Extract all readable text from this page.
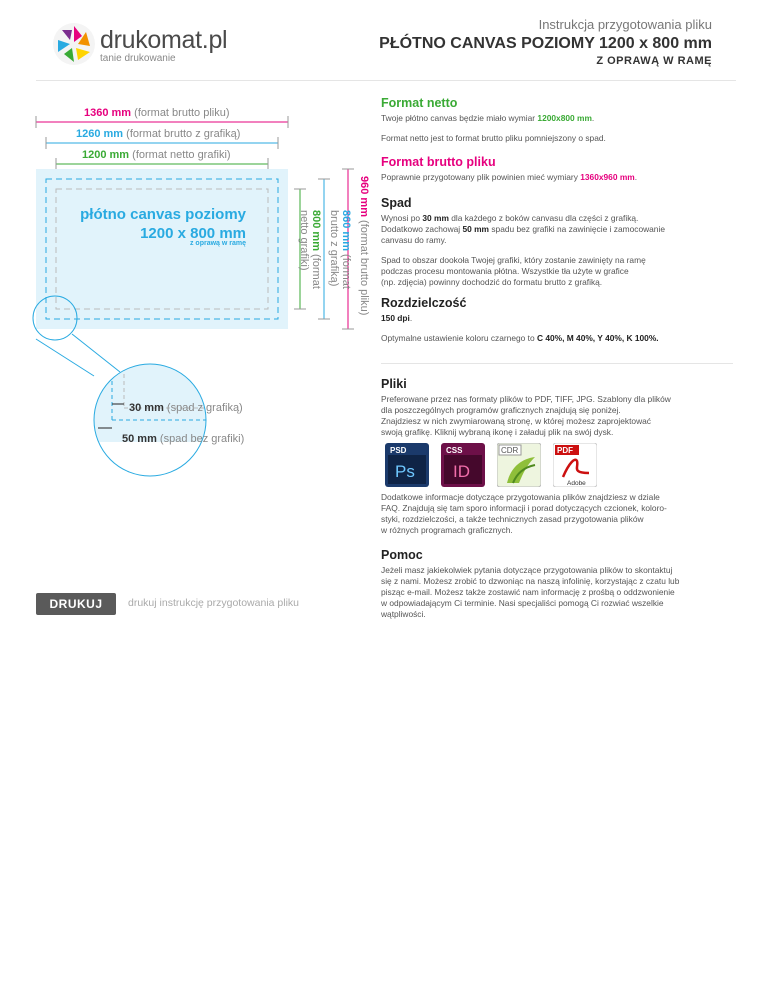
drukomat.pl
tanie drukowanie
Instrukcja przygotowania pliku
PŁÓTNO CANVAS POZIOMY 1200 x 800 mm
Z OPRAWĄ W RAMĘ
1360 mm (format brutto pliku)
1260 mm (format brutto z grafiką)
1200 mm (format netto grafiki)
płótno canvas poziomy
1200 x 800 mm
z oprawą w ramę
960 mm (format brutto pliku)
860 mm (format
brutto z grafiką)
800 mm (format
netto grafiki)
30 mm (spad z grafiką)
50 mm (spad bez grafiki)
Format netto
Twoje płótno canvas będzie miało wymiar 1200x800 mm.
Format netto jest to format brutto pliku pomniejszony o spad.
Format brutto pliku
Poprawnie przygotowany plik powinien mieć wymiary 1360x960 mm.
Spad
Wynosi po 30 mm dla każdego z boków canvasu dla części z grafiką.
Dodatkowo zachowaj 50 mm spadu bez grafiki na zawinięcie i zamocowanie
canvasu do ramy.
Spad to obszar dookoła Twojej grafiki, który zostanie zawinięty na ramę
podczas procesu montowania płótna. Wszystkie tła użyte w grafice
(np. zdjęcia) powinny dochodzić do formatu brutto z grafiką.
Rozdzielczość
150 dpi.
Optymalne ustawienie koloru czarnego to C 40%, M 40%, Y 40%, K 100%.
Pliki
Preferowane przez nas formaty plików to PDF, TIFF, JPG. Szablony dla plików
dla poszczególnych programów graficznych znajdują się poniżej.
Znajdziesz w nich zwymiarowaną stronę, w której możesz zaprojektować
swoją grafikę. Kliknij wybraną ikonę i załaduj plik na swój dysk.
PSD
Ps
CSS
ID
CDR	PDF
Adobe
Dodatkowe informacje dotyczące przygotowania plików znajdziesz w dziale
FAQ. Znajdują się tam sporo informacji i porad dotyczących czcionek, koloro-
styki, rozdzielczości, a także technicznych zasad przygotowania plików
w różnych programach graficznych.
Pomoc
Jeżeli masz jakiekolwiek pytania dotyczące przygotowania plików to skontaktuj
się z nami. Możesz zrobić to dzwoniąc na naszą infolinię, korzystając z czatu lub
pisząc e-mail. Możesz także zostawić nam informację z prośbą o oddzwonienie
w odpowiadającym Ci terminie. Nasi specjaliści pomogą Ci rozwiać wszelkie
wątpliwości.
DRUKUJ	drukuj instrukcję przygotowania pliku
